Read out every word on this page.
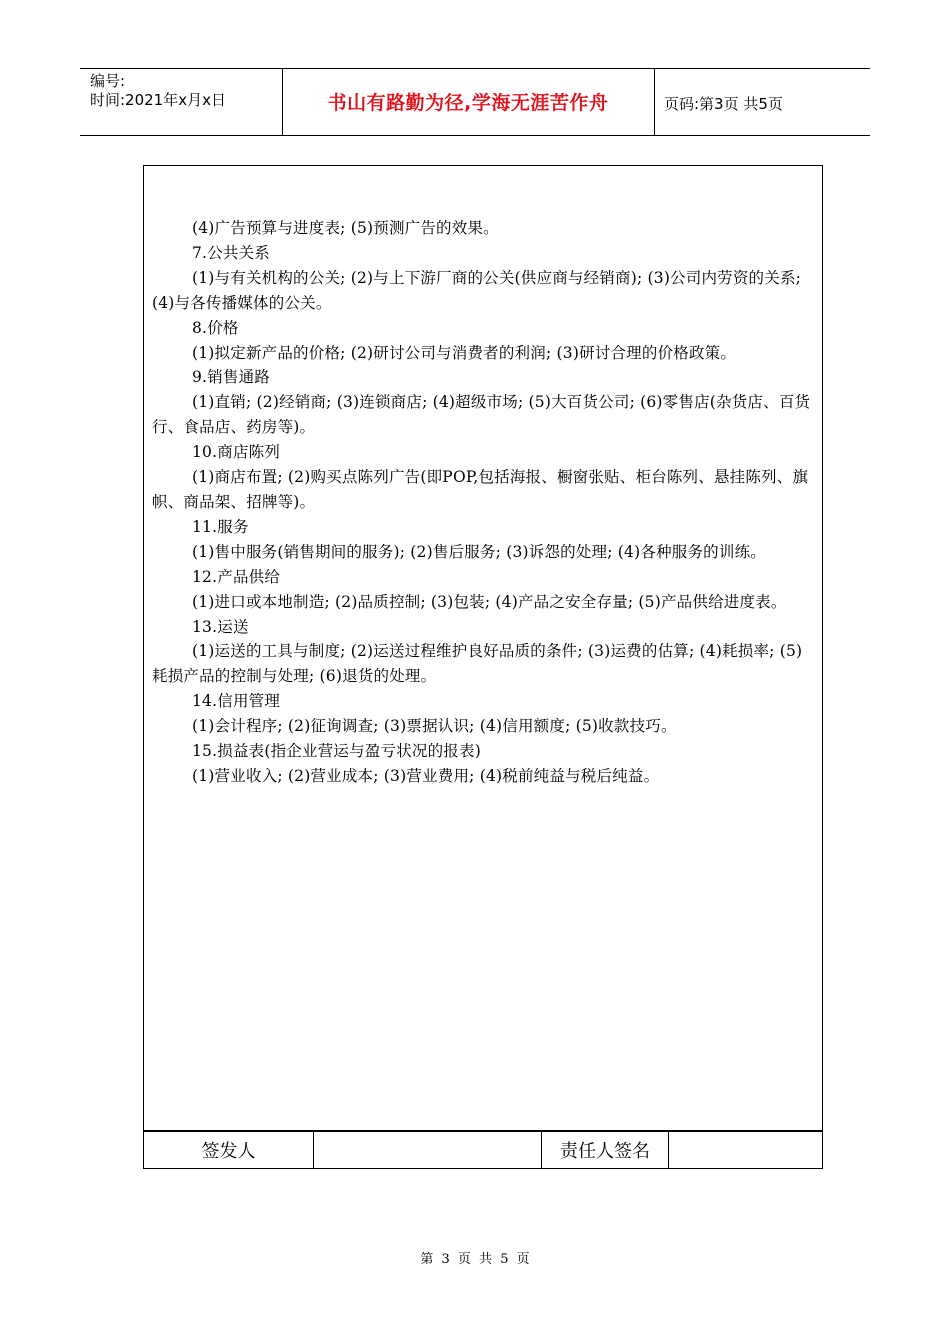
编号:
时间:2021年x月x日	书山有路勤为径,学海无涯苦作舟	页码:第3页 共5页

(4)广告预算与进度表; (5)预测广告的效果。

7.公共关系

(1)与有关机构的公关; (2)与上下游厂商的公关(供应商与经销商); (3)公司内劳资的关系; (4)与各传播媒体的公关。

8.价格

(1)拟定新产品的价格; (2)研讨公司与消费者的利润; (3)研讨合理的价格政策。

9.销售通路

(1)直销; (2)经销商; (3)连锁商店; (4)超级市场; (5)大百货公司; (6)零售店(杂货店、百货行、食品店、药房等)。

10.商店陈列

(1)商店布置; (2)购买点陈列广告(即POP,包括海报、橱窗张贴、柜台陈列、悬挂陈列、旗帜、商品架、招牌等)。

11.服务

(1)售中服务(销售期间的服务); (2)售后服务; (3)诉怨的处理; (4)各种服务的训练。

12.产品供给

(1)进口或本地制造; (2)品质控制; (3)包装; (4)产品之安全存量; (5)产品供给进度表。

13.运送

(1)运送的工具与制度; (2)运送过程维护良好品质的条件; (3)运费的估算; (4)耗损率; (5)耗损产品的控制与处理; (6)退货的处理。

14.信用管理

(1)会计程序; (2)征询调查; (3)票据认识; (4)信用额度; (5)收款技巧。

15.损益表(指企业营运与盈亏状况的报表)

(1)营业收入; (2)营业成本; (3)营业费用; (4)税前纯益与税后纯益。

签发人	责任人签名
第 3 页 共 5 页
